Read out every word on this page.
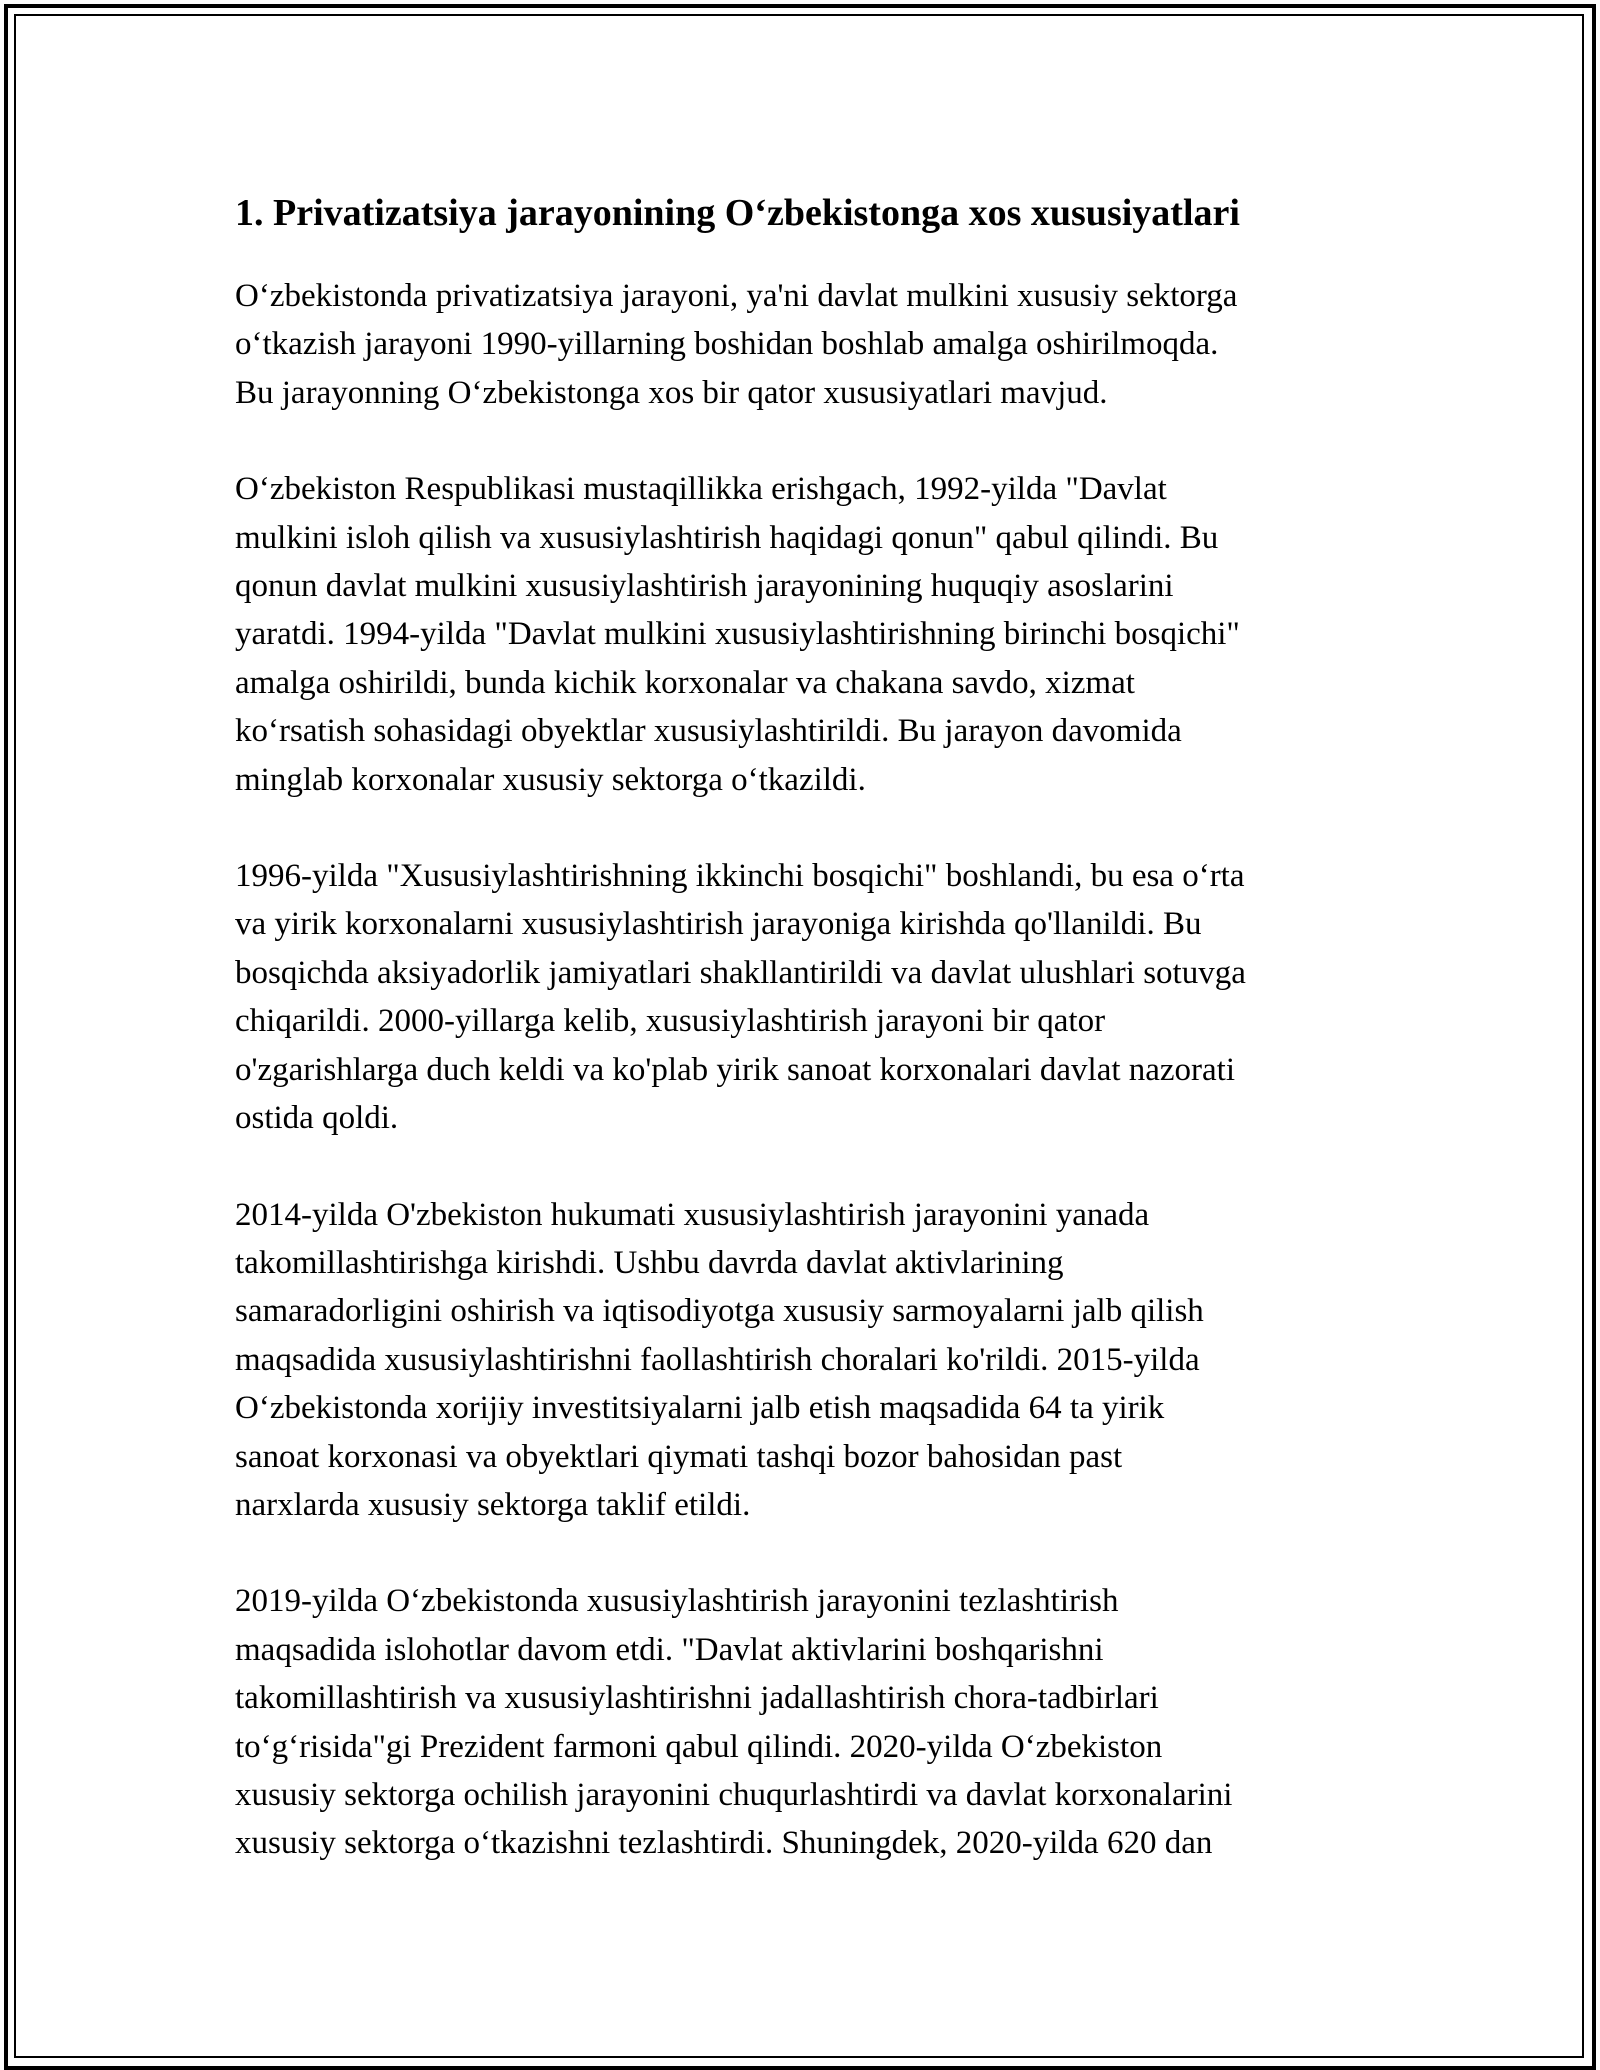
1. Privatizatsiya jarayonining O‘zbekistonga xos xususiyatlari
O‘zbekistonda privatizatsiya jarayoni, ya'ni davlat mulkini xususiy sektorga
o‘tkazish jarayoni 1990-yillarning boshidan boshlab amalga oshirilmoqda.
Bu jarayonning O‘zbekistonga xos bir qator xususiyatlari mavjud.
O‘zbekiston Respublikasi mustaqillikka erishgach, 1992-yilda "Davlat
mulkini isloh qilish va xususiylashtirish haqidagi qonun" qabul qilindi. Bu
qonun davlat mulkini xususiylashtirish jarayonining huquqiy asoslarini
yaratdi. 1994-yilda "Davlat mulkini xususiylashtirishning birinchi bosqichi"
amalga oshirildi, bunda kichik korxonalar va chakana savdo, xizmat
ko‘rsatish sohasidagi obyektlar xususiylashtirildi. Bu jarayon davomida
minglab korxonalar xususiy sektorga o‘tkazildi.
1996-yilda "Xususiylashtirishning ikkinchi bosqichi" boshlandi, bu esa o‘rta
va yirik korxonalarni xususiylashtirish jarayoniga kirishda qo'llanildi. Bu
bosqichda aksiyadorlik jamiyatlari shakllantirildi va davlat ulushlari sotuvga
chiqarildi. 2000-yillarga kelib, xususiylashtirish jarayoni bir qator
o'zgarishlarga duch keldi va ko'plab yirik sanoat korxonalari davlat nazorati
ostida qoldi.
2014-yilda O'zbekiston hukumati xususiylashtirish jarayonini yanada
takomillashtirishga kirishdi. Ushbu davrda davlat aktivlarining
samaradorligini oshirish va iqtisodiyotga xususiy sarmoyalarni jalb qilish
maqsadida xususiylashtirishni faollashtirish choralari ko'rildi. 2015-yilda
O‘zbekistonda xorijiy investitsiyalarni jalb etish maqsadida 64 ta yirik
sanoat korxonasi va obyektlari qiymati tashqi bozor bahosidan past
narxlarda xususiy sektorga taklif etildi.
2019-yilda O‘zbekistonda xususiylashtirish jarayonini tezlashtirish
maqsadida islohotlar davom etdi. "Davlat aktivlarini boshqarishni
takomillashtirish va xususiylashtirishni jadallashtirish chora-tadbirlari
to‘g‘risida"gi Prezident farmoni qabul qilindi. 2020-yilda O‘zbekiston
xususiy sektorga ochilish jarayonini chuqurlashtirdi va davlat korxonalarini
xususiy sektorga o‘tkazishni tezlashtirdi. Shuningdek, 2020-yilda 620 dan
